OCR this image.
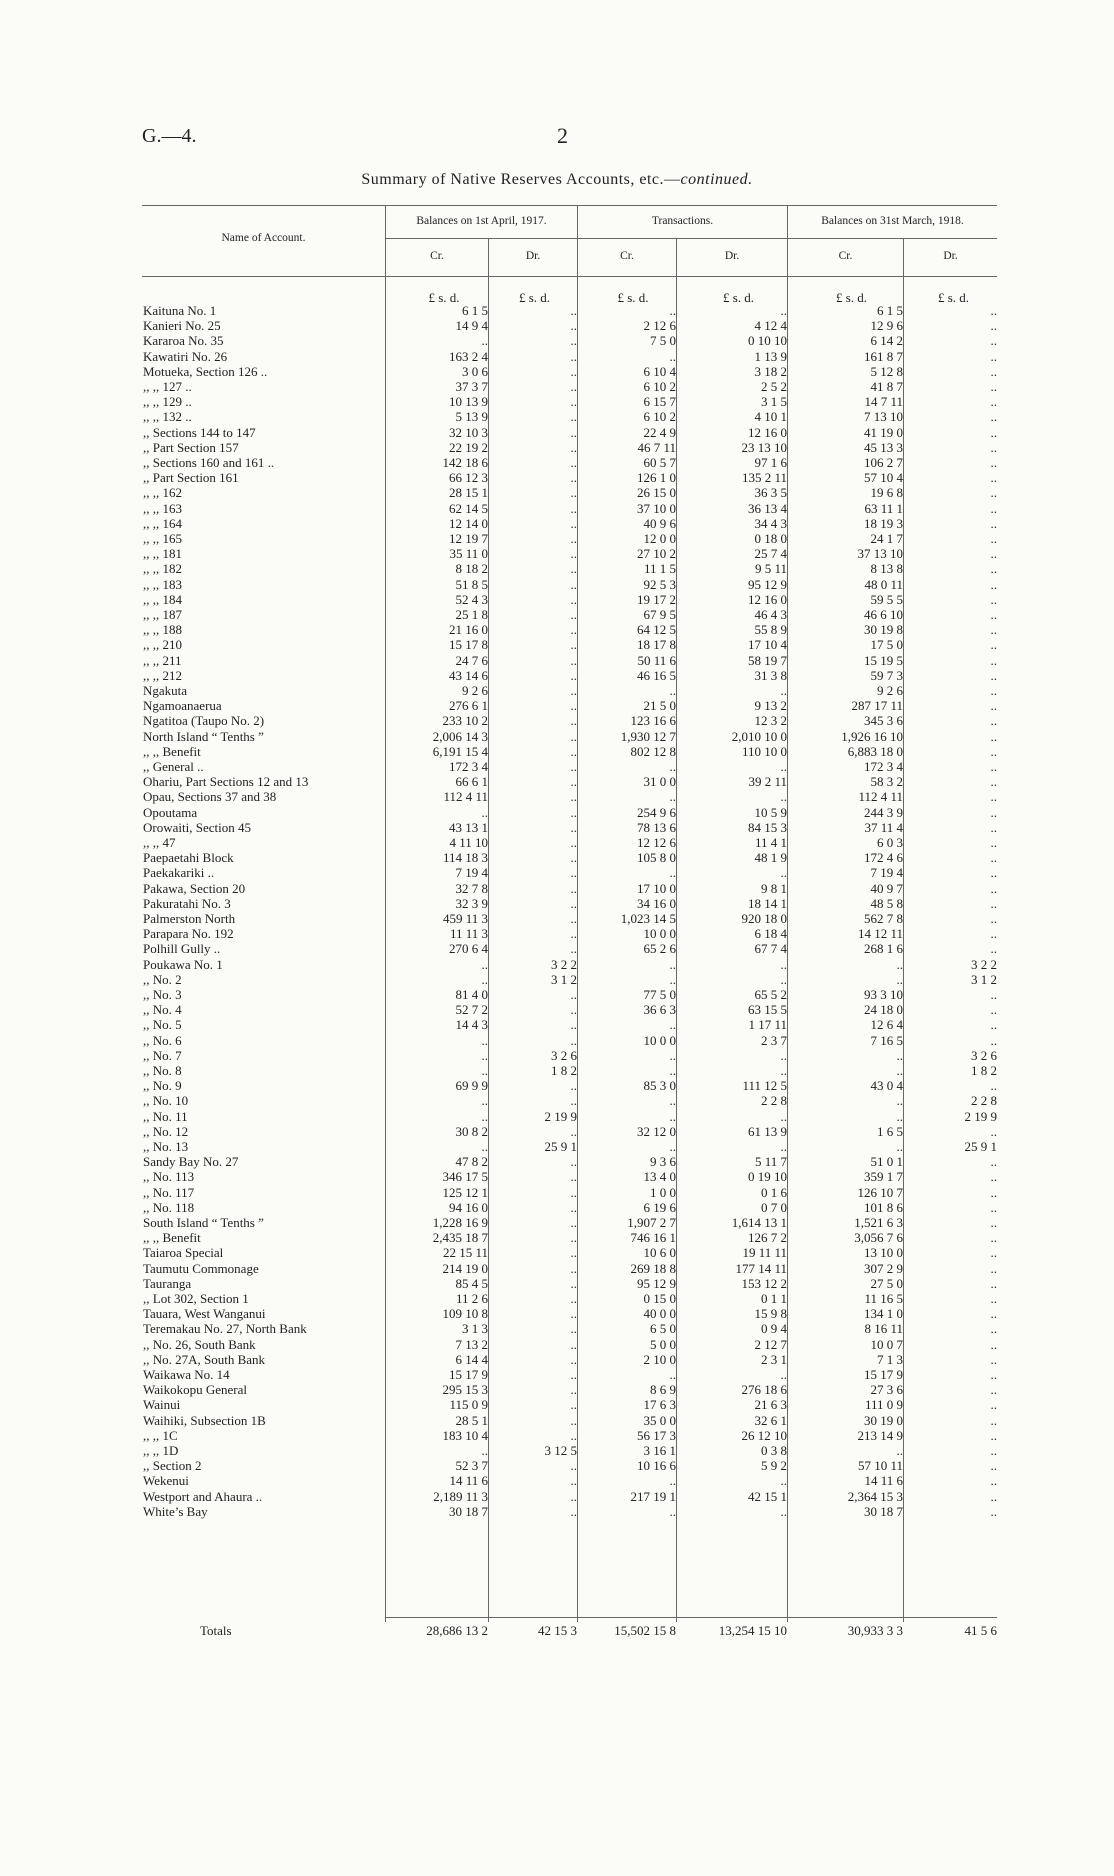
G.—4.	2
Summary of Native Reserves Accounts, etc.—continued.
Name of Account.
Balances on 1st April, 1917.	Transactions.	Balances on 31st March, 1918.
Cr.	Dr.	Cr.	Dr.	Cr.	Dr.
£ s. d.	£ s. d.	£ s. d.	£ s. d.	£ s. d.	£ s. d.
Kaituna No. 1	6 1 5	..	..	..	6 1 5	..
Kanieri No. 25	14 9 4	..	2 12 6	4 12 4	12 9 6	..
Kararoa No. 35	..	..	7 5 0	0 10 10	6 14 2	..
Kawatiri No. 26	163 2 4	..	..	1 13 9	161 8 7	..
Motueka, Section 126 ..	3 0 6	..	6 10 4	3 18 2	5 12 8	..
,, ,, 127 ..	37 3 7	..	6 10 2	2 5 2	41 8 7	..
,, ,, 129 ..	10 13 9	..	6 15 7	3 1 5	14 7 11	..
,, ,, 132 ..	5 13 9	..	6 10 2	4 10 1	7 13 10	..
,, Sections 144 to 147	32 10 3	..	22 4 9	12 16 0	41 19 0	..
,, Part Section 157	22 19 2	..	46 7 11	23 13 10	45 13 3	..
,, Sections 160 and 161 ..	142 18 6	..	60 5 7	97 1 6	106 2 7	..
,, Part Section 161	66 12 3	..	126 1 0	135 2 11	57 10 4	..
,, ,, 162	28 15 1	..	26 15 0	36 3 5	19 6 8	..
,, ,, 163	62 14 5	..	37 10 0	36 13 4	63 11 1	..
,, ,, 164	12 14 0	..	40 9 6	34 4 3	18 19 3	..
,, ,, 165	12 19 7	..	12 0 0	0 18 0	24 1 7	..
,, ,, 181	35 11 0	..	27 10 2	25 7 4	37 13 10	..
,, ,, 182	8 18 2	..	11 1 5	9 5 11	8 13 8	..
,, ,, 183	51 8 5	..	92 5 3	95 12 9	48 0 11	..
,, ,, 184	52 4 3	..	19 17 2	12 16 0	59 5 5	..
,, ,, 187	25 1 8	..	67 9 5	46 4 3	46 6 10	..
,, ,, 188	21 16 0	..	64 12 5	55 8 9	30 19 8	..
,, ,, 210	15 17 8	..	18 17 8	17 10 4	17 5 0	..
,, ,, 211	24 7 6	..	50 11 6	58 19 7	15 19 5	..
,, ,, 212	43 14 6	..	46 16 5	31 3 8	59 7 3	..
Ngakuta	9 2 6	..	..	..	9 2 6	..
Ngamoanaerua	276 6 1	..	21 5 0	9 13 2	287 17 11	..
Ngatitoa (Taupo No. 2)	233 10 2	..	123 16 6	12 3 2	345 3 6	..
North Island “ Tenths ”	2,006 14 3	..	1,930 12 7	2,010 10 0	1,926 16 10	..
,, ,, Benefit	6,191 15 4	..	802 12 8	110 10 0	6,883 18 0	..
,, General ..	172 3 4	..	..	..	172 3 4	..
Ohariu, Part Sections 12 and 13	66 6 1	..	31 0 0	39 2 11	58 3 2	..
Opau, Sections 37 and 38	112 4 11	..	..	..	112 4 11	..
Opoutama	..	..	254 9 6	10 5 9	244 3 9	..
Orowaiti, Section 45	43 13 1	..	78 13 6	84 15 3	37 11 4	..
,, ,, 47	4 11 10	..	12 12 6	11 4 1	6 0 3	..
Paepaetahi Block	114 18 3	..	105 8 0	48 1 9	172 4 6	..
Paekakariki ..	7 19 4	..	..	..	7 19 4	..
Pakawa, Section 20	32 7 8	..	17 10 0	9 8 1	40 9 7	..
Pakuratahi No. 3	32 3 9	..	34 16 0	18 14 1	48 5 8	..
Palmerston North	459 11 3	..	1,023 14 5	920 18 0	562 7 8	..
Parapara No. 192	11 11 3	..	10 0 0	6 18 4	14 12 11	..
Polhill Gully ..	270 6 4	..	65 2 6	67 7 4	268 1 6	..
Poukawa No. 1	..	3 2 2	..	..	..	3 2 2
,, No. 2	..	3 1 2	..	..	..	3 1 2
,, No. 3	81 4 0	..	77 5 0	65 5 2	93 3 10	..
,, No. 4	52 7 2	..	36 6 3	63 15 5	24 18 0	..
,, No. 5	14 4 3	..	..	1 17 11	12 6 4	..
,, No. 6	..	..	10 0 0	2 3 7	7 16 5	..
,, No. 7	..	3 2 6	..	..	..	3 2 6
,, No. 8	..	1 8 2	..	..	..	1 8 2
,, No. 9	69 9 9	..	85 3 0	111 12 5	43 0 4	..
,, No. 10	..	..	..	2 2 8	..	2 2 8
,, No. 11	..	2 19 9	..	..	..	2 19 9
,, No. 12	30 8 2	..	32 12 0	61 13 9	1 6 5	..
,, No. 13	..	25 9 1	..	..	..	25 9 1
Sandy Bay No. 27	47 8 2	..	9 3 6	5 11 7	51 0 1	..
,, No. 113	346 17 5	..	13 4 0	0 19 10	359 1 7	..
,, No. 117	125 12 1	..	1 0 0	0 1 6	126 10 7	..
,, No. 118	94 16 0	..	6 19 6	0 7 0	101 8 6	..
South Island “ Tenths ”	1,228 16 9	..	1,907 2 7	1,614 13 1	1,521 6 3	..
,, ,, Benefit	2,435 18 7	..	746 16 1	126 7 2	3,056 7 6	..
Taiaroa Special	22 15 11	..	10 6 0	19 11 11	13 10 0	..
Taumutu Commonage	214 19 0	..	269 18 8	177 14 11	307 2 9	..
Tauranga	85 4 5	..	95 12 9	153 12 2	27 5 0	..
,, Lot 302, Section 1	11 2 6	..	0 15 0	0 1 1	11 16 5	..
Tauara, West Wanganui	109 10 8	..	40 0 0	15 9 8	134 1 0	..
Teremakau No. 27, North Bank	3 1 3	..	6 5 0	0 9 4	8 16 11	..
,, No. 26, South Bank	7 13 2	..	5 0 0	2 12 7	10 0 7	..
,, No. 27A, South Bank	6 14 4	..	2 10 0	2 3 1	7 1 3	..
Waikawa No. 14	15 17 9	..	..	..	15 17 9	..
Waikokopu General	295 15 3	..	8 6 9	276 18 6	27 3 6	..
Wainui	115 0 9	..	17 6 3	21 6 3	111 0 9	..
Waihiki, Subsection 1B	28 5 1	..	35 0 0	32 6 1	30 19 0	..
,, ,, 1C	183 10 4	..	56 17 3	26 12 10	213 14 9	..
,, ,, 1D	..	3 12 5	3 16 1	0 3 8	..	..
,, Section 2	52 3 7	..	10 16 6	5 9 2	57 10 11	..
Wekenui	14 11 6	..	..	..	14 11 6	..
Westport and Ahaura ..	2,189 11 3	..	217 19 1	42 15 1	2,364 15 3	..
White’s Bay	30 18 7	..	..	..	30 18 7	..
Totals	28,686 13 2	42 15 3	15,502 15 8	13,254 15 10	30,933 3 3	41 5 6
